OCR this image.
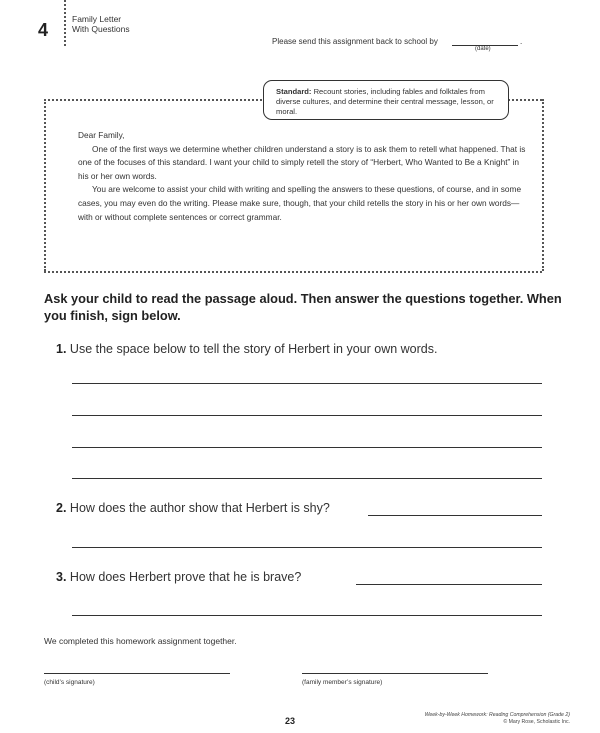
4
Family Letter
With Questions
Please send this assignment back to school by	.
(date)
Standard: Recount stories, including fables and folktales from diverse cultures, and determine their central message, lesson, or moral.

Dear Family,

One of the first ways we determine whether children understand a story is to ask them to retell what happened. That is one of the focuses of this standard. I want your child to simply retell the story of “Herbert, Who Wanted to Be a Knight” in his or her own words.

You are welcome to assist your child with writing and spelling the answers to these questions, of course, and in some cases, you may even do the writing. Please make sure, though, that your child retells the story in his or her own words—with or without complete sentences or correct grammar.

Ask your child to read the passage aloud. Then answer the questions together. When you finish, sign below.
1. Use the space below to tell the story of Herbert in your own words.
2. How does the author show that Herbert is shy?
3. How does Herbert prove that he is brave?
We completed this homework assignment together.
(child’s signature)	(family member’s signature)
23
Week-by-Week Homework: Reading Comprehension (Grade 2)
© Mary Rose, Scholastic Inc.
